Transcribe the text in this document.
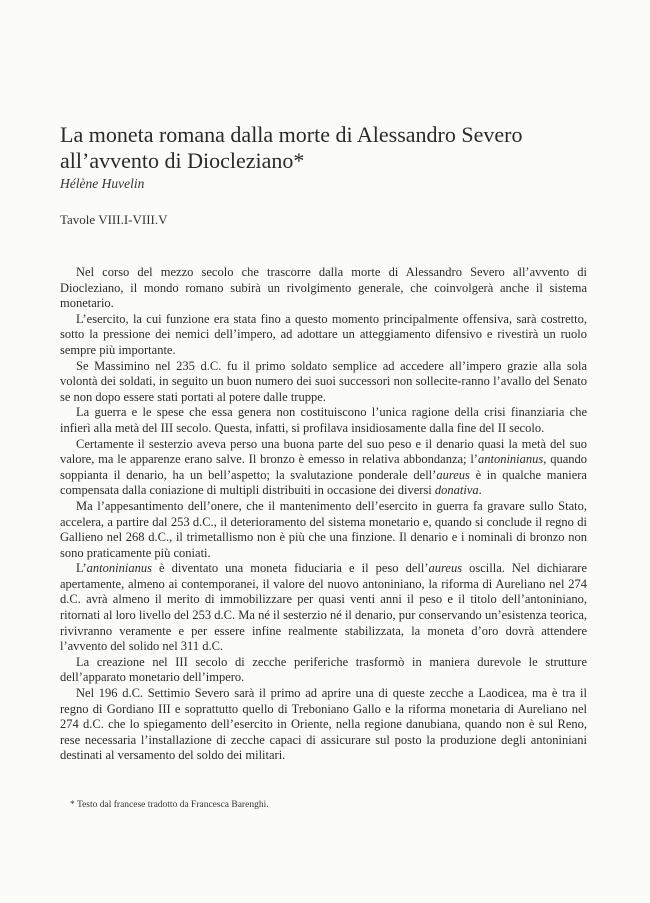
La moneta romana dalla morte di Alessandro Severo
all’avvento di Diocleziano*
Hélène Huvelin
Tavole VIII.I-VIII.V

Nel corso del mezzo secolo che trascorre dalla morte di Alessandro Severo all’avvento di Diocleziano, il mondo romano subirà un rivolgimento generale, che coinvolgerà anche il sistema monetario.

L’esercito, la cui funzione era stata fino a questo momento principalmente offensiva, sarà costretto, sotto la pressione dei nemici dell’impero, ad adottare un atteggiamento difensivo e rivestirà un ruolo sempre più importante.

Se Massimino nel 235 d.C. fu il primo soldato semplice ad accedere all’impero grazie alla sola volontà dei soldati, in seguito un buon numero dei suoi successori non sollecite-ranno l’avallo del Senato se non dopo essere stati portati al potere dalle truppe.

La guerra e le spese che essa genera non costituiscono l’unica ragione della crisi finanziaria che infierì alla metà del III secolo. Questa, infatti, si profilava insidiosamente dalla fine del II secolo.

Certamente il sesterzio aveva perso una buona parte del suo peso e il denario quasi la metà del suo valore, ma le apparenze erano salve. Il bronzo è emesso in relativa abbondanza; l’antoninianus, quando soppianta il denario, ha un bell’aspetto; la svalutazione ponderale dell’aureus è in qualche maniera compensata dalla coniazione di multipli distribuiti in occasione dei diversi donativa.

Ma l’appesantimento dell’onere, che il mantenimento dell’esercito in guerra fa gravare sullo Stato, accelera, a partire dal 253 d.C., il deterioramento del sistema monetario e, quando si conclude il regno di Gallieno nel 268 d.C., il trimetallismo non è più che una finzione. Il denario e i nominali di bronzo non sono praticamente più coniati.

L’antoninianus è diventato una moneta fiduciaria e il peso dell’aureus oscilla. Nel dichiarare apertamente, almeno ai contemporanei, il valore del nuovo antoniniano, la riforma di Aureliano nel 274 d.C. avrà almeno il merito di immobilizzare per quasi venti anni il peso e il titolo dell’antoniniano, ritornati al loro livello del 253 d.C. Ma né il sesterzio né il denario, pur conservando un’esistenza teorica, rivivranno veramente e per essere infine realmente stabilizzata, la moneta d’oro dovrà attendere l’avvento del solido nel 311 d.C.

La creazione nel III secolo di zecche periferiche trasformò in maniera durevole le strutture dell’apparato monetario dell’impero.

Nel 196 d.C. Settimio Severo sarà il primo ad aprire una di queste zecche a Laodicea, ma è tra il regno di Gordiano III e soprattutto quello di Treboniano Gallo e la riforma monetaria di Aureliano nel 274 d.C. che lo spiegamento dell’esercito in Oriente, nella regione danubiana, quando non è sul Reno, rese necessaria l’installazione di zecche capaci di assicurare sul posto la produzione degli antoniniani destinati al versamento del soldo dei militari.

* Testo dal francese tradotto da Francesca Barenghi.
